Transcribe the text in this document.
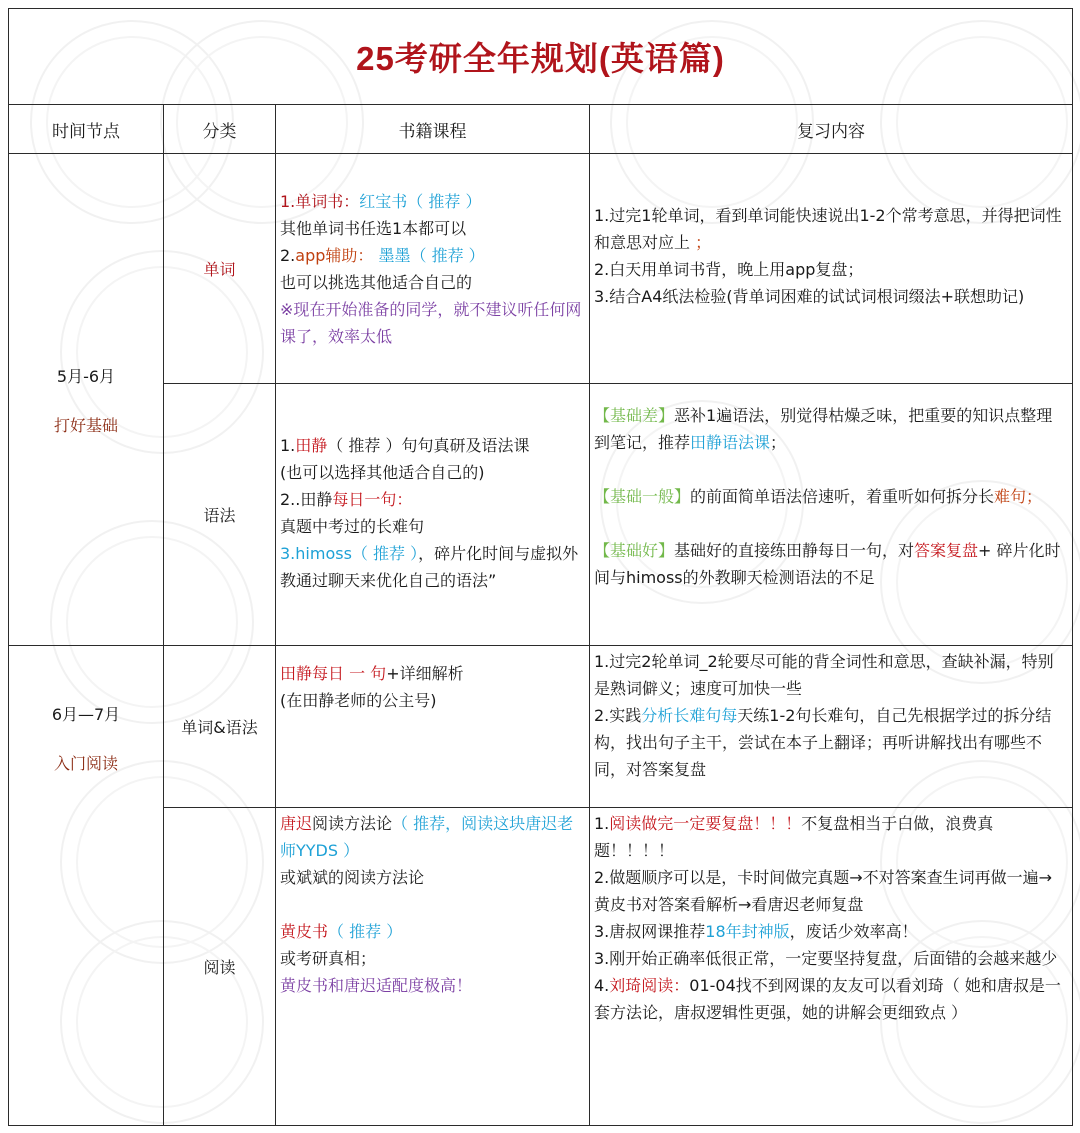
25考研全年规划(英语篇)			
时间节点	分类	书籍课程	复习内容

5月-6月
打好基础	单词	1.单词书：红宝书（ 推荐 ）
其他单词书任选1本都可以
2.app辅助： 墨墨（ 推荐 ）
也可以挑选其他适合自己的
※现在开始准备的同学，就不建议听任何网课了，效率太低	1.过完1轮单词，看到单词能快速说出1-2个常考意思，并得把词性和意思对应上 ；
2.白天用单词书背，晚上用app复盘；
3.结合A4纸法检验(背单词困难的试试词根词缀法+联想助记)

	语法	1.田静（ 推荐 ）句句真研及语法课
(也可以选择其他适合自己的)
2..田静每日一句：
真题中考过的长难句
3.himoss（ 推荐 ），碎片化时间与虚拟外教通过聊天来优化自己的语法”	【基础差】恶补1遍语法，别觉得枯燥乏味，把重要的知识点整理到笔记，推荐田静语法课；
【基础一般】的前面简单语法倍速听，着重听如何拆分长难句；
【基础好】基础好的直接练田静每日一句，对答案复盘+ 碎片化时间与himoss的外教聊天检测语法的不足

6月—7月
入门阅读	单词&语法	田静每日 一 句+详细解析
(在田静老师的公主号)	1.过完2轮单词_2轮要尽可能的背全词性和意思，查缺补漏，特别是熟词僻义；速度可加快一些
2.实践分析长难句每天练1-2句长难句，自己先根据学过的拆分结构，找出句子主干，尝试在本子上翻译；再听讲解找出有哪些不同，对答案复盘

	阅读	唐迟阅读方法论（ 推荐，阅读这块唐迟老师YYDS ）
或斌斌的阅读方法论
黄皮书（ 推荐 ）
或考研真相；
黄皮书和唐迟适配度极高！	1.阅读做完一定要复盘！！！不复盘相当于白做，浪费真题！！！！
2.做题顺序可以是，卡时间做完真题→不对答案查生词再做一遍→黄皮书对答案看解析→看唐迟老师复盘
3.唐叔网课推荐18年封神版，废话少效率高！
3.刚开始正确率低很正常，一定要坚持复盘，后面错的会越来越少
4.刘琦阅读：01-04找不到网课的友友可以看刘琦（ 她和唐叔是一套方法论，唐叔逻辑性更强，她的讲解会更细致点 ）
